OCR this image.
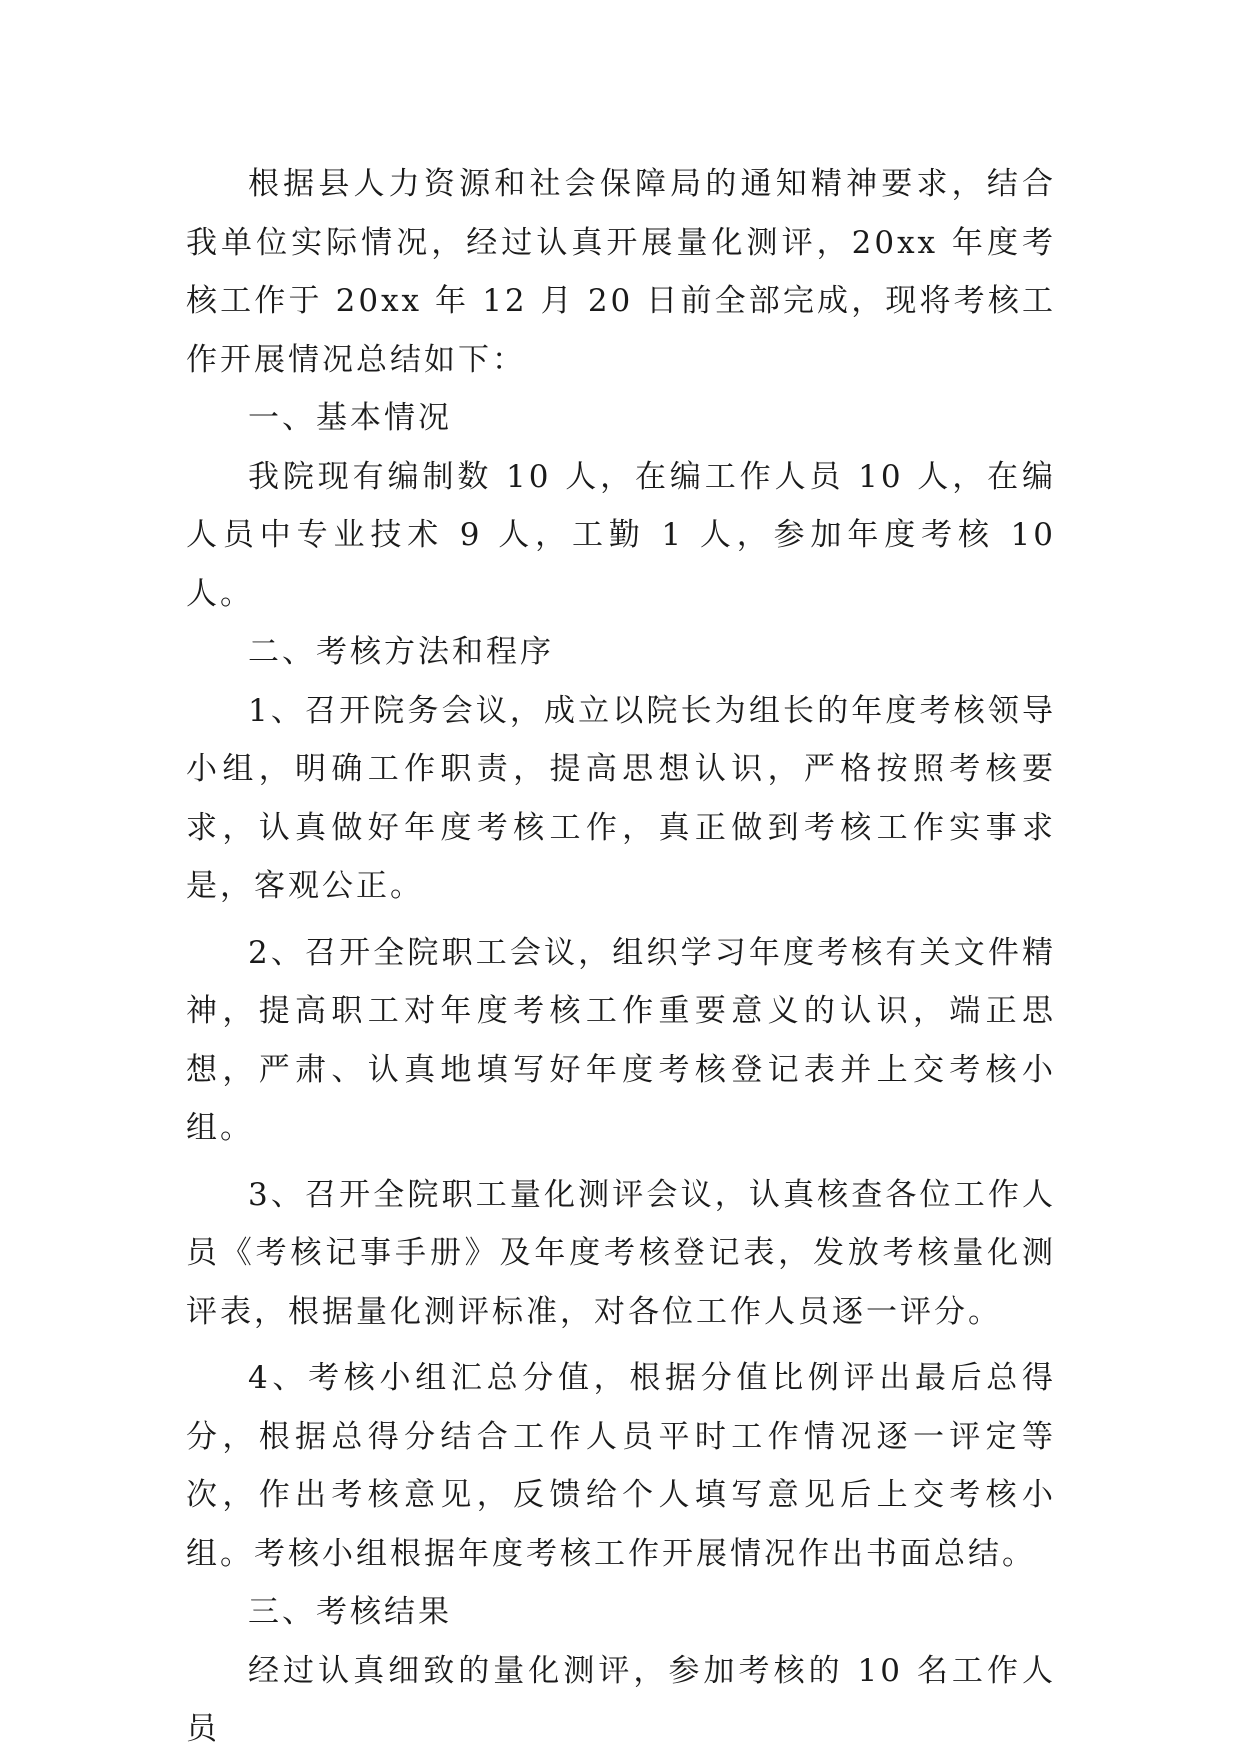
根据县人力资源和社会保障局的通知精神要求，结合我单位实际情况，经过认真开展量化测评，20xx 年度考核工作于 20xx 年 12 月 20 日前全部完成，现将考核工作开展情况总结如下：

一、基本情况

我院现有编制数 10 人，在编工作人员 10 人，在编人员中专业技术 9 人，工勤 1 人，参加年度考核 10 人。

二、考核方法和程序

1、召开院务会议，成立以院长为组长的年度考核领导小组，明确工作职责，提高思想认识，严格按照考核要求，认真做好年度考核工作，真正做到考核工作实事求是，客观公正。

2、召开全院职工会议，组织学习年度考核有关文件精神，提高职工对年度考核工作重要意义的认识，端正思想，严肃、认真地填写好年度考核登记表并上交考核小组。

3、召开全院职工量化测评会议，认真核查各位工作人员《考核记事手册》及年度考核登记表，发放考核量化测评表，根据量化测评标准，对各位工作人员逐一评分。

4、考核小组汇总分值，根据分值比例评出最后总得分，根据总得分结合工作人员平时工作情况逐一评定等次，作出考核意见，反馈给个人填写意见后上交考核小组。考核小组根据年度考核工作开展情况作出书面总结。

三、考核结果

经过认真细致的量化测评，参加考核的 10 名工作人员
